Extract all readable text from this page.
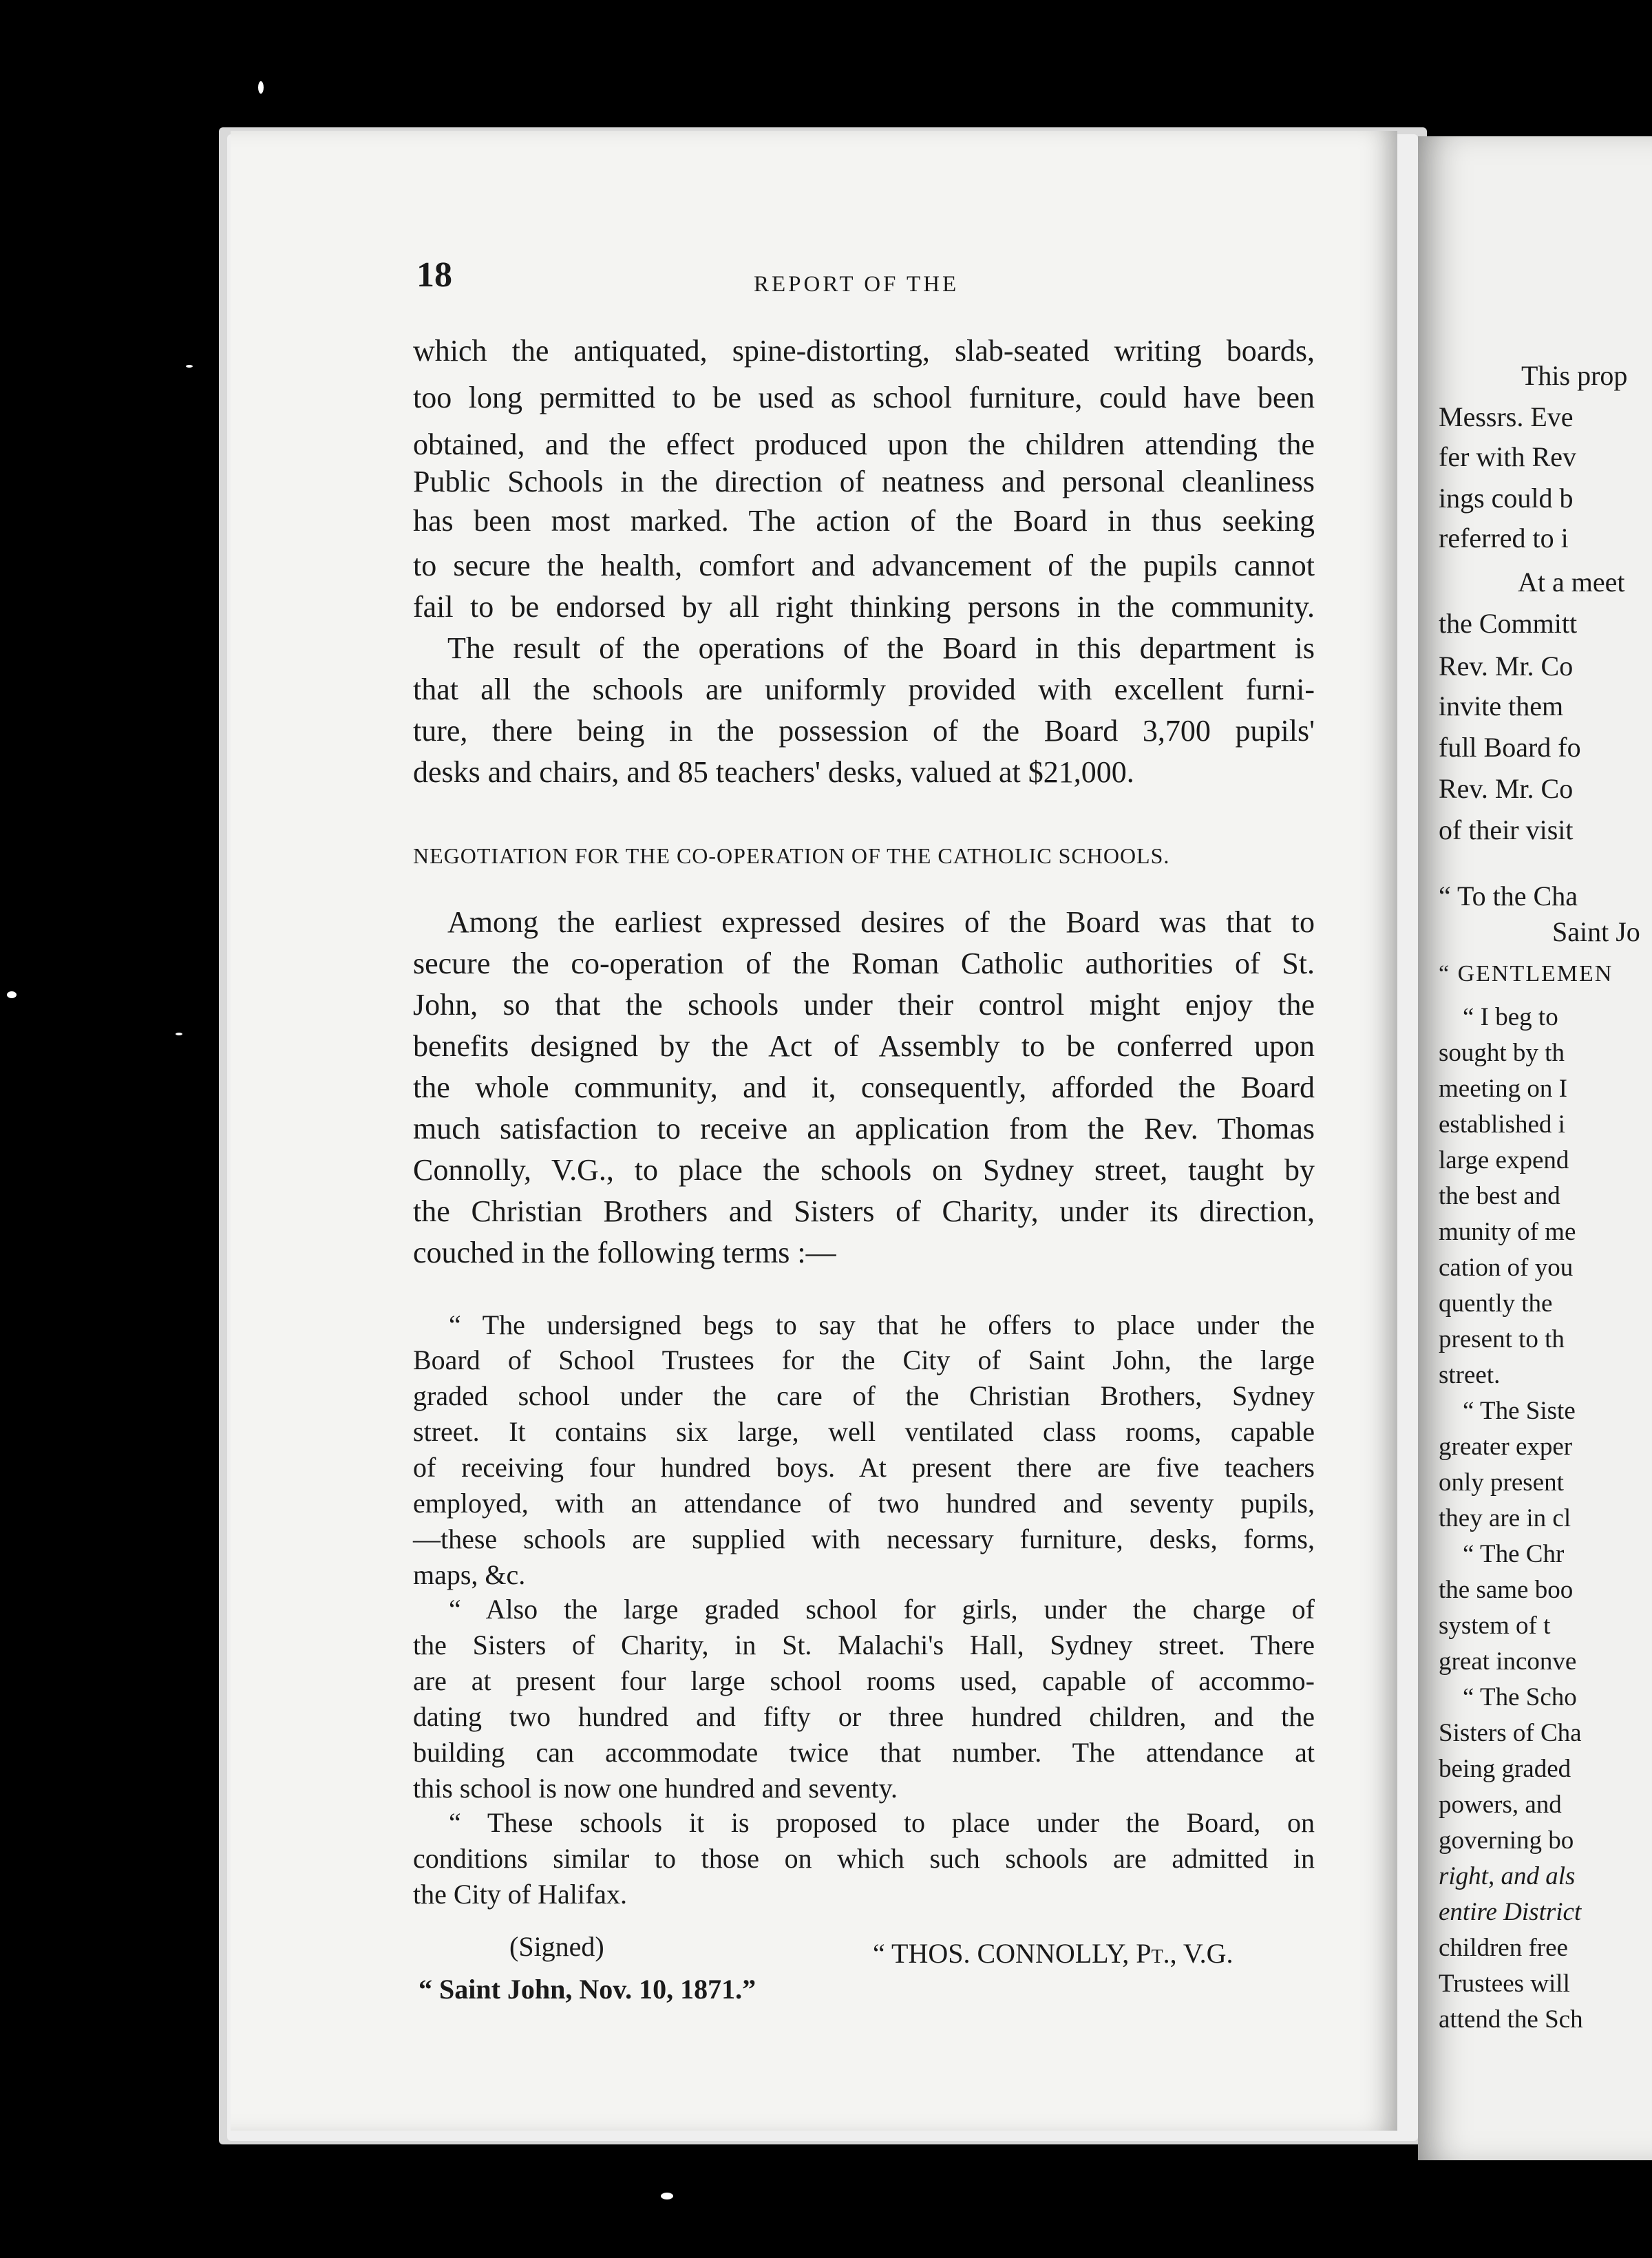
18	REPORT OF THE
which the antiquated, spine-distorting, slab-seated writing boards,
too long permitted to be used as school furniture, could have been
obtained, and the effect produced upon the children attending the
Public Schools in the direction of neatness and personal cleanliness
has been most marked. The action of the Board in thus seeking
to secure the health, comfort and advancement of the pupils cannot
fail to be endorsed by all right thinking persons in the community.
The result of the operations of the Board in this department is
that all the schools are uniformly provided with excellent furni-
ture, there being in the possession of the Board 3,700 pupils'
desks and chairs, and 85 teachers' desks, valued at $21,000.
NEGOTIATION FOR THE CO-OPERATION OF THE CATHOLIC SCHOOLS.
Among the earliest expressed desires of the Board was that to
secure the co-operation of the Roman Catholic authorities of St.
John, so that the schools under their control might enjoy the
benefits designed by the Act of Assembly to be conferred upon
the whole community, and it, consequently, afforded the Board
much satisfaction to receive an application from the Rev. Thomas
Connolly, V.G., to place the schools on Sydney street, taught by
the Christian Brothers and Sisters of Charity, under its direction,
couched in the following terms :—
“ The undersigned begs to say that he offers to place under the
Board of School Trustees for the City of Saint John, the large
graded school under the care of the Christian Brothers, Sydney
street. It contains six large, well ventilated class rooms, capable
of receiving four hundred boys. At present there are five teachers
employed, with an attendance of two hundred and seventy pupils,
—these schools are supplied with necessary furniture, desks, forms,
maps, &c.
“ Also the large graded school for girls, under the charge of
the Sisters of Charity, in St. Malachi's Hall, Sydney street. There
are at present four large school rooms used, capable of accommo-
dating two hundred and fifty or three hundred children, and the
building can accommodate twice that number. The attendance at
this school is now one hundred and seventy.
“ These schools it is proposed to place under the Board, on
conditions similar to those on which such schools are admitted in
the City of Halifax.
(Signed)	“ THOS. CONNOLLY, Pt., V.G.
“ Saint John, Nov. 10, 1871.”
This prop
Messrs. Eve
fer with Rev
ings could b
referred to i
At a meet
the Committ
Rev. Mr. Co
invite them
full Board fo
Rev. Mr. Co
of their visit
“ To the Cha
Saint Jo
“ GENTLEMEN
“ I beg to
sought by th
meeting on I
established i
large expend
the best and
munity of me
cation of you
quently the
present to th
street.
“ The Siste
greater exper
only present
they are in cl
“ The Chr
the same boo
system of t
great inconve
“ The Scho
Sisters of Cha
being graded
powers, and
governing bo
right, and als
entire District
children free
Trustees will
attend the Sch
